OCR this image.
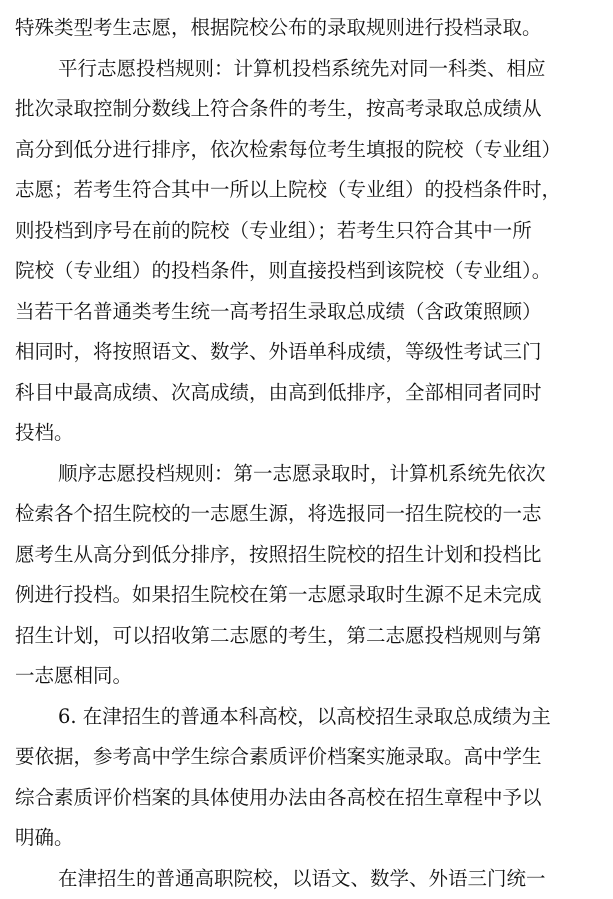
特殊类型考生志愿，根据院校公布的录取规则进行投档录取。
平行志愿投档规则：计算机投档系统先对同一科类、相应
批次录取控制分数线上符合条件的考生，按高考录取总成绩从
高分到低分进行排序，依次检索每位考生填报的院校（专业组）
志愿；若考生符合其中一所以上院校（专业组）的投档条件时，
则投档到序号在前的院校（专业组）；若考生只符合其中一所
院校（专业组）的投档条件，则直接投档到该院校（专业组）。
当若干名普通类考生统一高考招生录取总成绩（含政策照顾）
相同时，将按照语文、数学、外语单科成绩，等级性考试三门
科目中最高成绩、次高成绩，由高到低排序，全部相同者同时
投档。
顺序志愿投档规则：第一志愿录取时，计算机系统先依次
检索各个招生院校的一志愿生源，将选报同一招生院校的一志
愿考生从高分到低分排序，按照招生院校的招生计划和投档比
例进行投档。如果招生院校在第一志愿录取时生源不足未完成
招生计划，可以招收第二志愿的考生，第二志愿投档规则与第
一志愿相同。
6. 在津招生的普通本科高校，以高校招生录取总成绩为主
要依据，参考高中学生综合素质评价档案实施录取。高中学生
综合素质评价档案的具体使用办法由各高校在招生章程中予以
明确。
在津招生的普通高职院校，以语文、数学、外语三门统一
